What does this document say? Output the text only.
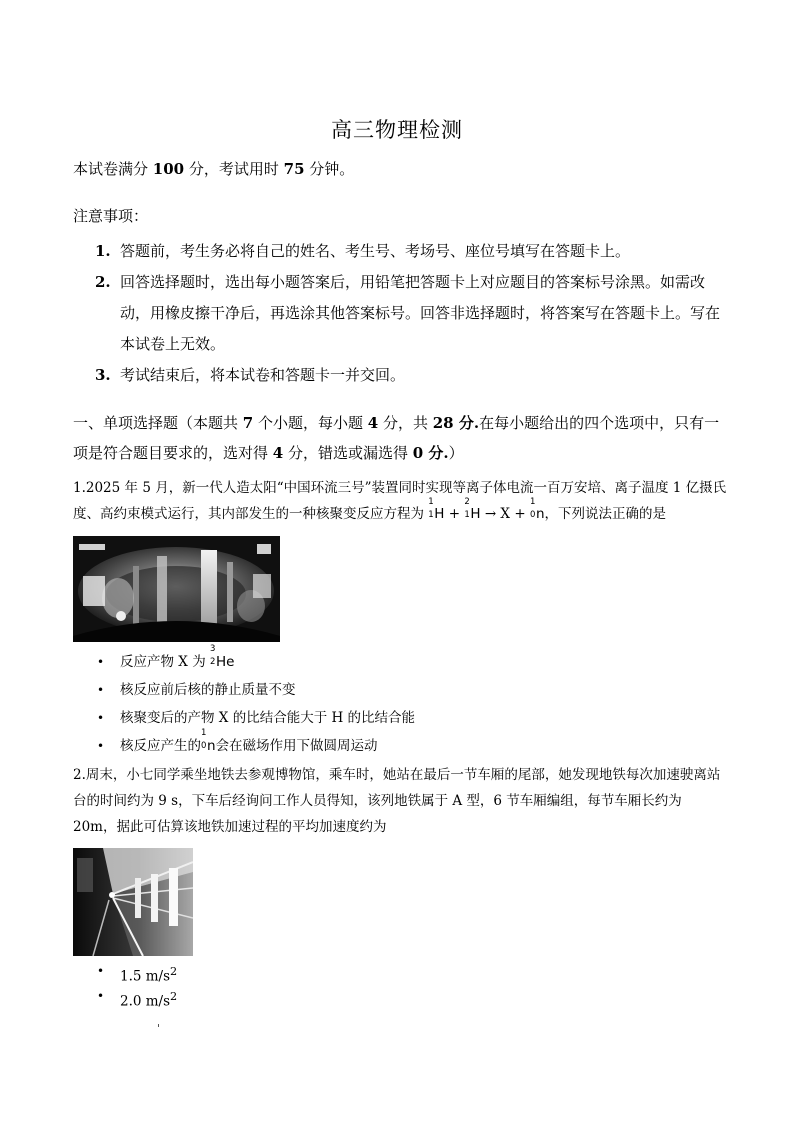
高三物理检测
本试卷满分 100 分，考试用时 75 分钟。
注意事项：
1. 答题前，考生务必将自己的姓名、考生号、考场号、座位号填写在答题卡上。
2. 回答选择题时，选出每小题答案后，用铅笔把答题卡上对应题目的答案标号涂黑。如需改动，用橡皮擦干净后，再选涂其他答案标号。回答非选择题时，将答案写在答题卡上。写在本试卷上无效。
3. 考试结束后，将本试卷和答题卡一并交回。
一、单项选择题（本题共 7 个小题，每小题 4 分，共 28 分.在每小题给出的四个选项中，只有一项是符合题目要求的，选对得 4 分，错选或漏选得 0 分.）
1.2025 年 5 月，新一代人造太阳“中国环流三号”装置同时实现等离子体电流一百万安培、离子温度 1 亿摄氏度、高约束模式运行，其内部发生的一种核聚变反应方程为
1
1 H +
2
1 H → X +
1
0 n，下列说法正确的是
• 反应产物 X 为
3
2 He
• 核反应前后核的静止质量不变
• 核聚变后的产物 X 的比结合能大于 H 的比结合能
• 核反应产生的
1
0 n会在磁场作用下做圆周运动
2.周末，小七同学乘坐地铁去参观博物馆，乘车时，她站在最后一节车厢的尾部，她发现地铁每次加速驶离站台的时间约为 9 s，下车后经询问工作人员得知，该列地铁属于 A 型，6 节车厢编组，每节车厢长约为 20m，据此可估算该地铁加速过程的平均加速度约为
• 1.5 $m/s^2$
• 2.0 $m/s^2$
